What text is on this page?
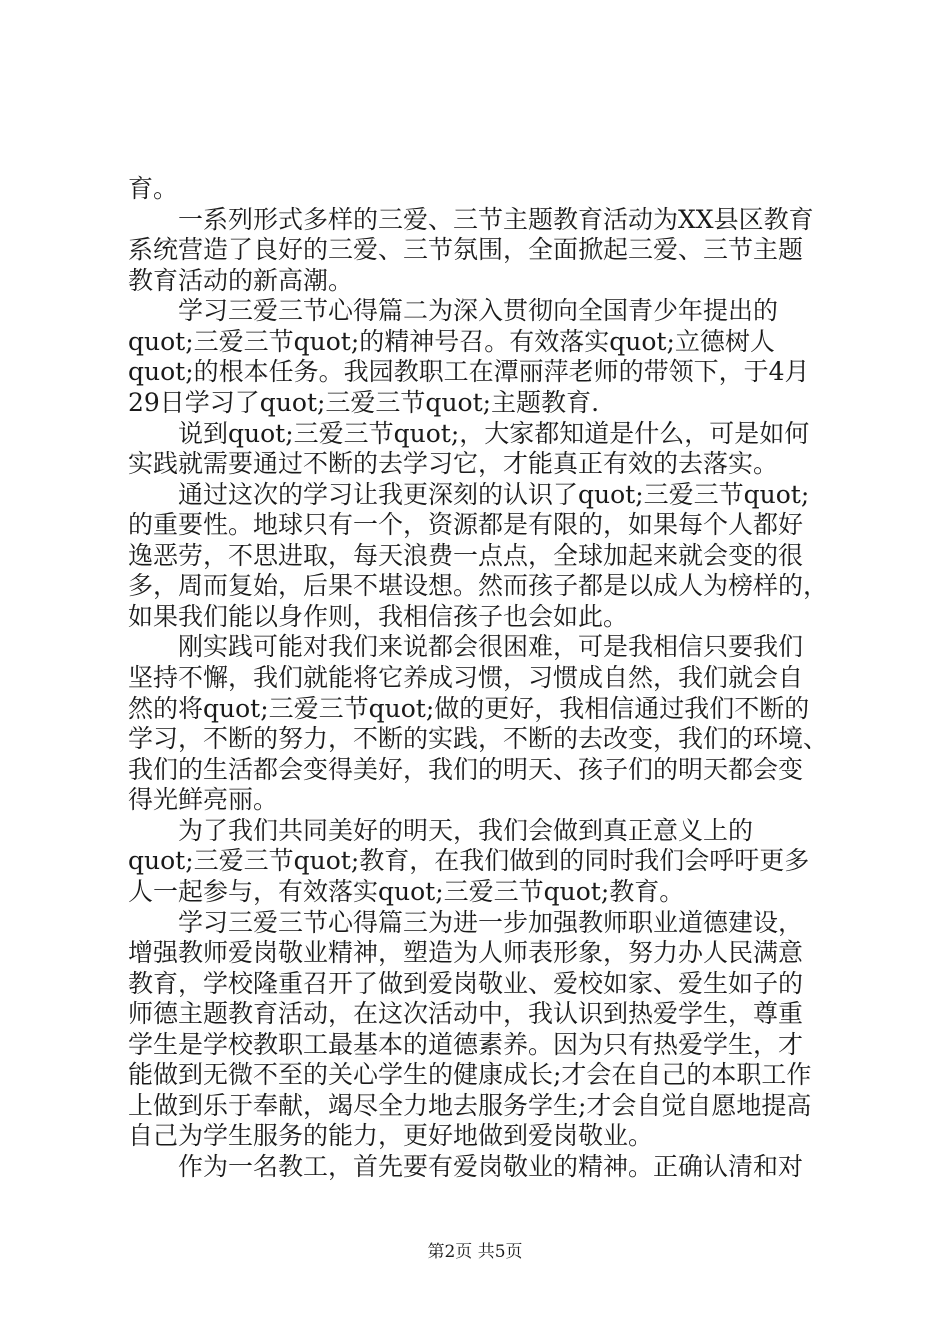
育。
　　一系列形式多样的三爱、三节主题教育活动为XX县区教育
系统营造了良好的三爱、三节氛围，全面掀起三爱、三节主题
教育活动的新高潮。
　　学习三爱三节心得篇二为深入贯彻向全国青少年提出的
quot;三爱三节quot;的精神号召。有效落实quot;立德树人
quot;的根本任务。我园教职工在潭丽萍老师的带领下，于4月
29日学习了quot;三爱三节quot;主题教育.
　　说到quot;三爱三节quot;，大家都知道是什么，可是如何
实践就需要通过不断的去学习它，才能真正有效的去落实。
　　通过这次的学习让我更深刻的认识了quot;三爱三节quot;
的重要性。地球只有一个，资源都是有限的，如果每个人都好
逸恶劳，不思进取，每天浪费一点点，全球加起来就会变的很
多，周而复始，后果不堪设想。然而孩子都是以成人为榜样的，
如果我们能以身作则，我相信孩子也会如此。
　　刚实践可能对我们来说都会很困难，可是我相信只要我们
坚持不懈，我们就能将它养成习惯，习惯成自然，我们就会自
然的将quot;三爱三节quot;做的更好，我相信通过我们不断的
学习，不断的努力，不断的实践，不断的去改变，我们的环境、
我们的生活都会变得美好，我们的明天、孩子们的明天都会变
得光鲜亮丽。
　　为了我们共同美好的明天，我们会做到真正意义上的
quot;三爱三节quot;教育，在我们做到的同时我们会呼吁更多
人一起参与，有效落实quot;三爱三节quot;教育。
　　学习三爱三节心得篇三为进一步加强教师职业道德建设，
增强教师爱岗敬业精神，塑造为人师表形象，努力办人民满意
教育，学校隆重召开了做到爱岗敬业、爱校如家、爱生如子的
师德主题教育活动，在这次活动中，我认识到热爱学生，尊重
学生是学校教职工最基本的道德素养。因为只有热爱学生，才
能做到无微不至的关心学生的健康成长;才会在自己的本职工作
上做到乐于奉献，竭尽全力地去服务学生;才会自觉自愿地提高
自己为学生服务的能力，更好地做到爱岗敬业。
　　作为一名教工，首先要有爱岗敬业的精神。正确认清和对
第2页 共5页
